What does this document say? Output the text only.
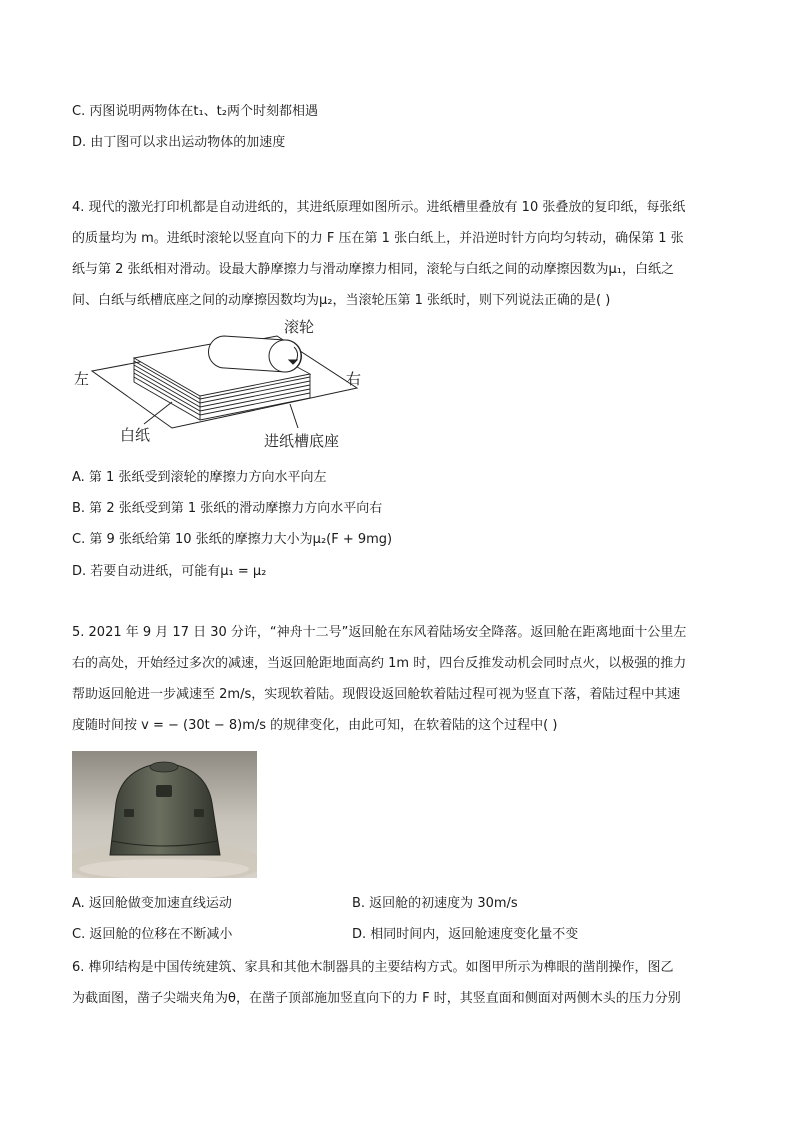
C. 丙图说明两物体在t₁、t₂两个时刻都相遇
D. 由丁图可以求出运动物体的加速度
4. 现代的激光打印机都是自动进纸的，其进纸原理如图所示。进纸槽里叠放有 10 张叠放的复印纸，每张纸
的质量均为 m。进纸时滚轮以竖直向下的力 F 压在第 1 张白纸上，并沿逆时针方向均匀转动，确保第 1 张
纸与第 2 张纸相对滑动。设最大静摩擦力与滑动摩擦力相同，滚轮与白纸之间的动摩擦因数为μ₁，白纸之
间、白纸与纸槽底座之间的动摩擦因数均为μ₂，当滚轮压第 1 张纸时，则下列说法正确的是( )
滚轮
左	右
白纸	进纸槽底座
A. 第 1 张纸受到滚轮的摩擦力方向水平向左
B. 第 2 张纸受到第 1 张纸的滑动摩擦力方向水平向右
C. 第 9 张纸给第 10 张纸的摩擦力大小为μ₂(F + 9mg)
D. 若要自动进纸，可能有μ₁ = μ₂
5. 2021 年 9 月 17 日 30 分许，“神舟十二号”返回舱在东风着陆场安全降落。返回舱在距离地面十公里左
右的高处，开始经过多次的减速，当返回舱距地面高约 1m 时，四台反推发动机会同时点火，以极强的推力
帮助返回舱进一步减速至 2m/s，实现软着陆。现假设返回舱软着陆过程可视为竖直下落，着陆过程中其速
度随时间按 v = − (30t − 8)m/s 的规律变化，由此可知，在软着陆的这个过程中( )
A. 返回舱做变加速直线运动	B. 返回舱的初速度为 30m/s
C. 返回舱的位移在不断减小	D. 相同时间内，返回舱速度变化量不变
6. 榫卯结构是中国传统建筑、家具和其他木制器具的主要结构方式。如图甲所示为榫眼的凿削操作，图乙
为截面图，凿子尖端夹角为θ，在凿子顶部施加竖直向下的力 F 时，其竖直面和侧面对两侧木头的压力分别
